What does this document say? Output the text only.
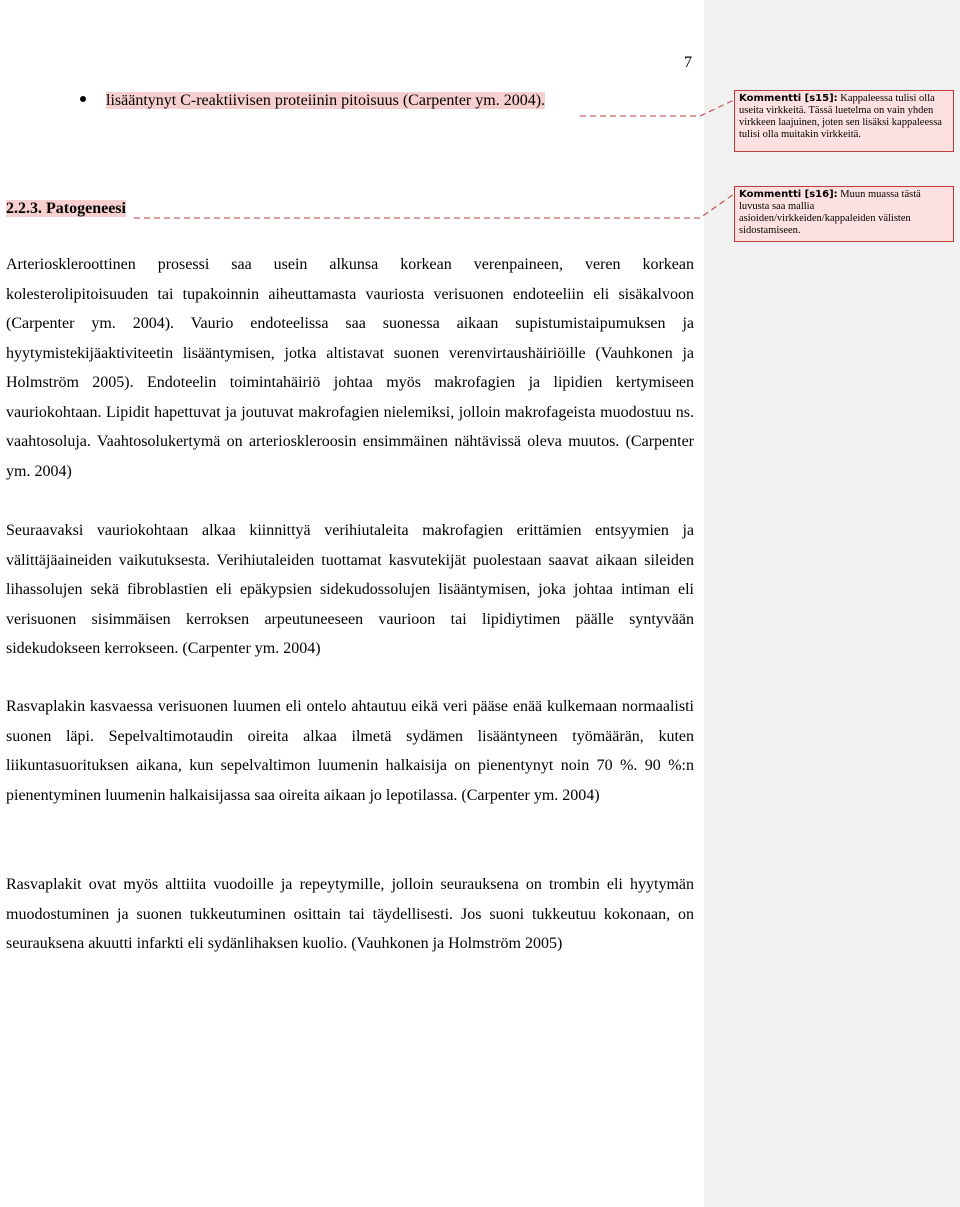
7
lisääntynyt C-reaktiivisen proteiinin pitoisuus (Carpenter ym. 2004).
2.2.3. Patogeneesi

Arterioskleroottinen prosessi saa usein alkunsa korkean verenpaineen, veren korkean kolesterolipitoisuuden tai tupakoinnin aiheuttamasta vauriosta verisuonen endoteeliin eli sisäkalvoon (Carpenter ym. 2004). Vaurio endoteelissa saa suonessa aikaan supistumistaipumuksen ja hyytymistekijäaktiviteetin lisääntymisen, jotka altistavat suonen verenvirtaushäiriöille (Vauhkonen ja Holmström 2005). Endoteelin toimintahäiriö johtaa myös makrofagien ja lipidien kertymiseen vauriokohtaan. Lipidit hapettuvat ja joutuvat makrofagien nielemiksi, jolloin makrofageista muodostuu ns. vaahtosoluja. Vaahtosolukertymä on arterioskleroosin ensimmäinen nähtävissä oleva muutos. (Carpenter ym. 2004)

Seuraavaksi vauriokohtaan alkaa kiinnittyä verihiutaleita makrofagien erittämien entsyymien ja välittäjäaineiden vaikutuksesta. Verihiutaleiden tuottamat kasvutekijät puolestaan saavat aikaan sileiden lihassolujen sekä fibroblastien eli epäkypsien sidekudossolujen lisääntymisen, joka johtaa intiman eli verisuonen sisimmäisen kerroksen arpeutuneeseen vaurioon tai lipidiytimen päälle syntyvään sidekudokseen kerrokseen. (Carpenter ym. 2004)

Rasvaplakin kasvaessa verisuonen luumen eli ontelo ahtautuu eikä veri pääse enää kulkemaan normaalisti suonen läpi. Sepelvaltimotaudin oireita alkaa ilmetä sydämen lisääntyneen työmäärän, kuten liikuntasuorituksen aikana, kun sepelvaltimon luumenin halkaisija on pienentynyt noin 70 %. 90 %:n pienentyminen luumenin halkaisijassa saa oireita aikaan jo lepotilassa. (Carpenter ym. 2004)

Rasvaplakit ovat myös alttiita vuodoille ja repeytymille, jolloin seurauksena on trombin eli hyytymän muodostuminen ja suonen tukkeutuminen osittain tai täydellisesti. Jos suoni tukkeutuu kokonaan, on seurauksena akuutti infarkti eli sydänlihaksen kuolio. (Vauhkonen ja Holmström 2005)

Kommentti [s15]: Kappaleessa tulisi olla useita virkkeitä. Tässä luetelma on vain yhden virkkeen laajuinen, joten sen lisäksi kappaleessa tulisi olla muitakin virkkeitä.
Kommentti [s16]: Muun muassa tästä luvusta saa mallia asioiden/virkkeiden/kappaleiden välisten sidostamiseen.
